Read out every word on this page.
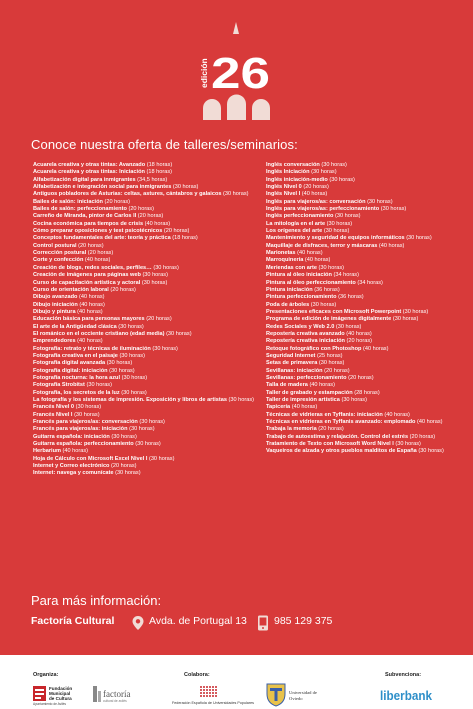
edición 26
Conoce nuestra oferta de talleres/seminarios:
Acuarela creativa y otras tintas: Avanzado (18 horas)
Acuarela creativa y otras tintas: Iniciación (18 horas)
Alfabetización digital para inmigrantes (34,5 horas)
Alfabetización e integración social para inmigrantes (30 horas)
Antiguos pobladores de Asturias: celtas, astures, cántabros y galaicos (30 horas)
Bailes de salón: iniciación (20 horas)
Bailes de salón: perfeccionamiento (20 horas)
Carreño de Miranda, pintor de Carlos II (20 horas)
Cocina económica para tiempos de crisis (40 horas)
Cómo preparar oposiciones y test psicotécnicos (20 horas)
Conceptos fundamentales del arte: teoría y práctica (18 horas)
Control postural (20 horas)
Corrección postural (20 horas)
Corte y confección (40 horas)
Creación de blogs, redes sociales, perfiles… (30 horas)
Creación de imágenes para páginas web (30 horas)
Curso de capacitación artística y actoral (30 horas)
Curso de orientación laboral (20 horas)
Dibujo avanzado (40 horas)
Dibujo iniciación (40 horas)
Dibujo y pintura (40 horas)
Educación básica para personas mayores (20 horas)
El arte de la Antigüedad clásica (30 horas)
El románico en el occiente cristiano (edad media) (30 horas)
Emprendedores (40 horas)
Fotografía: retrato y técnicas de iluminación (30 horas)
Fotografía creativa en el paisaje (30 horas)
Fotografía digital avanzada (30 horas)
Fotografía digital: iniciación (30 horas)
Fotografía nocturna: la hora azul (30 horas)
Fotografía Strobitst (30 horas)
Fotografía, los secretos de la luz (30 horas)
La fotografía y los sistemas de impresión. Exposición y libros de artistas (30 horas)
Francés Nivel 0 (30 horas)
Francés Nivel I (30 horas)
Francés para viajeros/as: conversación (30 horas)
Francés para viajeros/as: iniciación (30 horas)
Guitarra española: iniciación (30 horas)
Guitarra española: perfeccionamiento (30 horas)
Herbarium (40 horas)
Hoja de Cálculo con Microsoft Excel Nivel I (30 horas)
Internet y Correo electrónico (20 horas)
Internet: navega y comunícate (30 horas)
Inglés conversación (30 horas)
Inglés Iniciación (30 horas)
Inglés iniciación-medio (30 horas)
Inglés Nivel 0 (20 horas)
Inglés Nivel I (40 horas)
Inglés para viajeros/as: conversación (30 horas)
Inglés para viajeros/as: perfeccionamiento (30 horas)
Inglés perfeccionamiento (30 horas)
La mitología en el arte (30 horas)
Los orígenes del arte (30 horas)
Mantenimiento y seguridad de equipos informáticos (30 horas)
Maquillaje de disfraces, terror y máscaras (40 horas)
Marionetas (40 horas)
Marroquinería (40 horas)
Meriendas con arte (30 horas)
Pintura al óleo iniciación (34 horas)
Pintura al óleo perfeccionamiento (34 horas)
Pintura iniciación (36 horas)
Pintura perfeccionamiento (36 horas)
Poda de árboles (30 horas)
Presentaciones eficaces con Microsoft Powerpoint (30 horas)
Programa de edición de imágenes digitalmente (30 horas)
Redes Sociales y Web 2.0 (30 horas)
Repostería creativa avanzado (40 horas)
Repostería creativa iniciación (20 horas)
Retoque fotográfico con Photoshop (40 horas)
Seguridad Internet (25 horas)
Setas de primavera (30 horas)
Sevillanas: iniciación (20 horas)
Sevillanas: perfeccionamiento (20 horas)
Talla de madera (40 horas)
Taller de grabado y estampación (28 horas)
Taller de impresión artística (30 horas)
Tapicería (40 horas)
Técnicas de vidrieras en Tyffanis: iniciación (40 horas)
Técnicas en vidrieras en Tyffanis avanzado: emplomado (40 horas)
Trabaja la memoria (20 horas)
Trabajo de autoestima y relajación. Control del estrés (20 horas)
Tratamiento de Texto con Microsoft Word Nivel I (30 horas)
Vaqueiros de alzada y otros pueblos malditos de España (30 horas)
Para más información:
Factoría Cultural	Avda. de Portugal 13	985 129 375
Organiza:	Colabora:	Subvenciona:
Fundación
Municipal
de Cultura
Ayuntamiento de Avilés
factoría
cultural de avilés	Federación Española de Universidades Populares
Universidad de
Oviedo	liberbank
